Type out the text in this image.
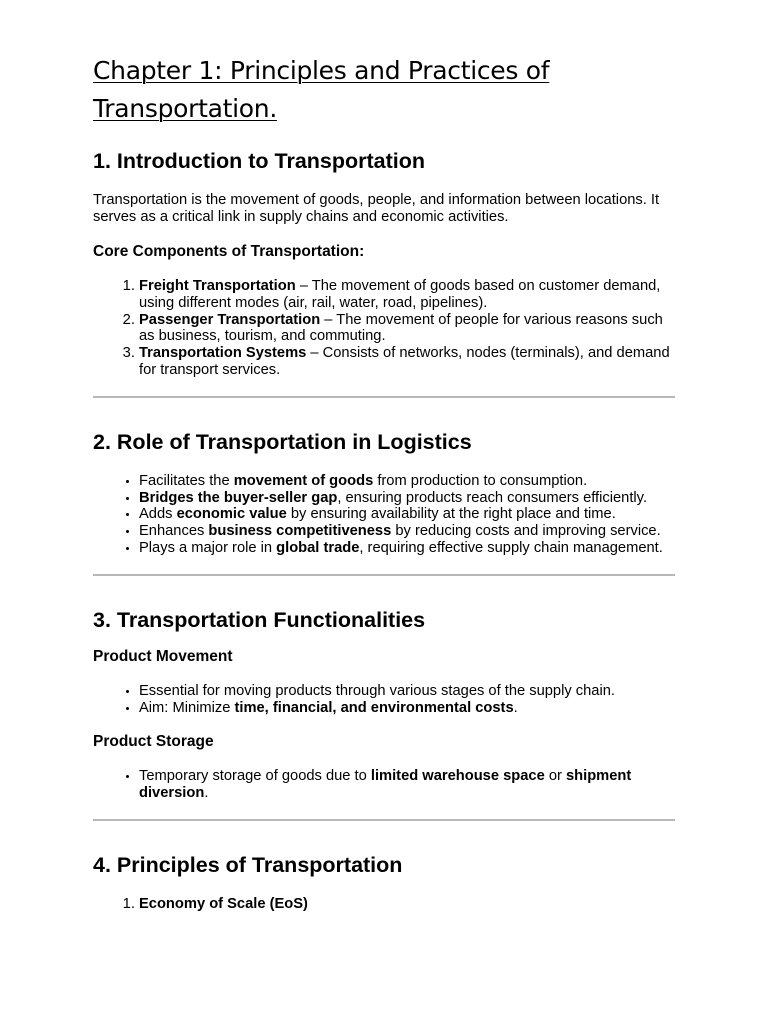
Chapter 1: Principles and Practices of
Transportation.
1. Introduction to Transportation

Transportation is the movement of goods, people, and information between locations. It serves as a critical link in supply chains and economic activities.

Core Components of Transportation:
1. Freight Transportation – The movement of goods based on customer demand, using different modes (air, rail, water, road, pipelines).
2. Passenger Transportation – The movement of people for various reasons such as business, tourism, and commuting.
3. Transportation Systems – Consists of networks, nodes (terminals), and demand for transport services.
2. Role of Transportation in Logistics
• Facilitates the movement of goods from production to consumption.
• Bridges the buyer-seller gap, ensuring products reach consumers efficiently.
• Adds economic value by ensuring availability at the right place and time.
• Enhances business competitiveness by reducing costs and improving service.
• Plays a major role in global trade, requiring effective supply chain management.
3. Transportation Functionalities
Product Movement
• Essential for moving products through various stages of the supply chain.
• Aim: Minimize time, financial, and environmental costs.
Product Storage
• Temporary storage of goods due to limited warehouse space or shipment diversion.
4. Principles of Transportation
1. Economy of Scale (EoS)
